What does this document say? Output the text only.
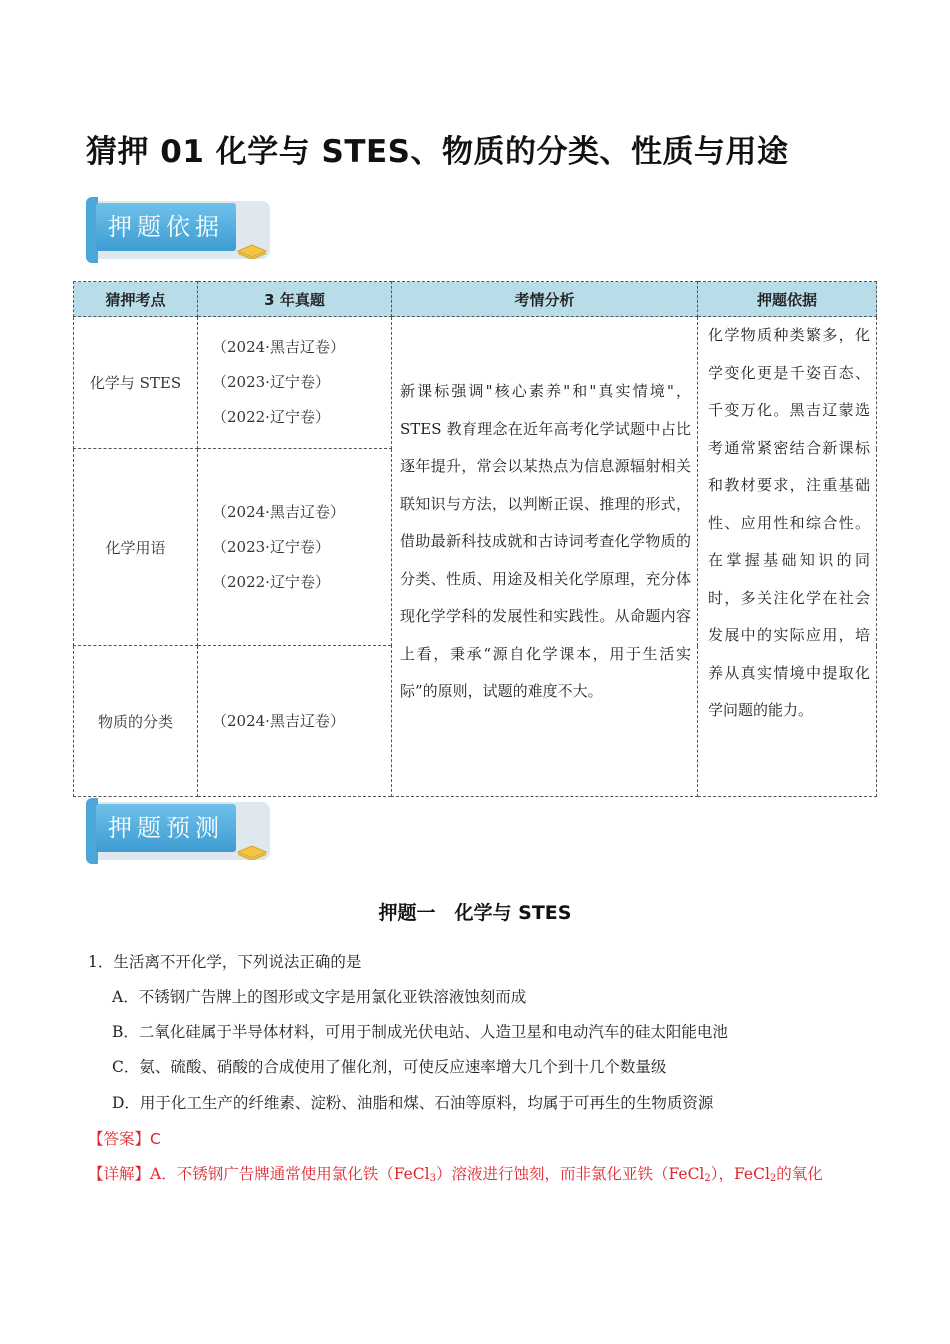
猜押 01 化学与 STES、物质的分类、性质与用途
押题依据
猜押考点	3 年真题	考情分析	押题依据
化学与 STES	（2024·黑吉辽卷）
（2023·辽宁卷）
（2022·辽宁卷）	新课标强调"核心素养"和"真实情境"，STES 教育理念在近年高考化学试题中占比逐年提升，常会以某热点为信息源辐射相关联知识与方法，以判断正误、推理的形式，借助最新科技成就和古诗词考查化学物质的分类、性质、用途及相关化学原理，充分体现化学学科的发展性和实践性。从命题内容上看，秉承“源自化学课本，用于生活实际”的原则，试题的难度不大。	化学物质种类繁多，化学变化更是千姿百态、千变万化。黑吉辽蒙选考通常紧密结合新课标和教材要求，注重基础性、应用性和综合性。在掌握基础知识的同时，多关注化学在社会发展中的实际应用，培养从真实情境中提取化学问题的能力。
化学用语	（2024·黑吉辽卷）
（2023·辽宁卷）
（2022·辽宁卷）		

物质的分类	（2024·黑吉辽卷）		
押题预测
押题一　化学与 STES
1．生活离不开化学，下列说法正确的是
A．不锈钢广告牌上的图形或文字是用氯化亚铁溶液蚀刻而成
B．二氧化硅属于半导体材料，可用于制成光伏电站、人造卫星和电动汽车的硅太阳能电池
C．氨、硫酸、硝酸的合成使用了催化剂，可使反应速率增大几个到十几个数量级
D．用于化工生产的纤维素、淀粉、油脂和煤、石油等原料，均属于可再生的生物质资源
【答案】C
【详解】A．不锈钢广告牌通常使用氯化铁（FeCl$_3$）溶液进行蚀刻，而非氯化亚铁（FeCl$_2$），FeCl$_2$的氧化
